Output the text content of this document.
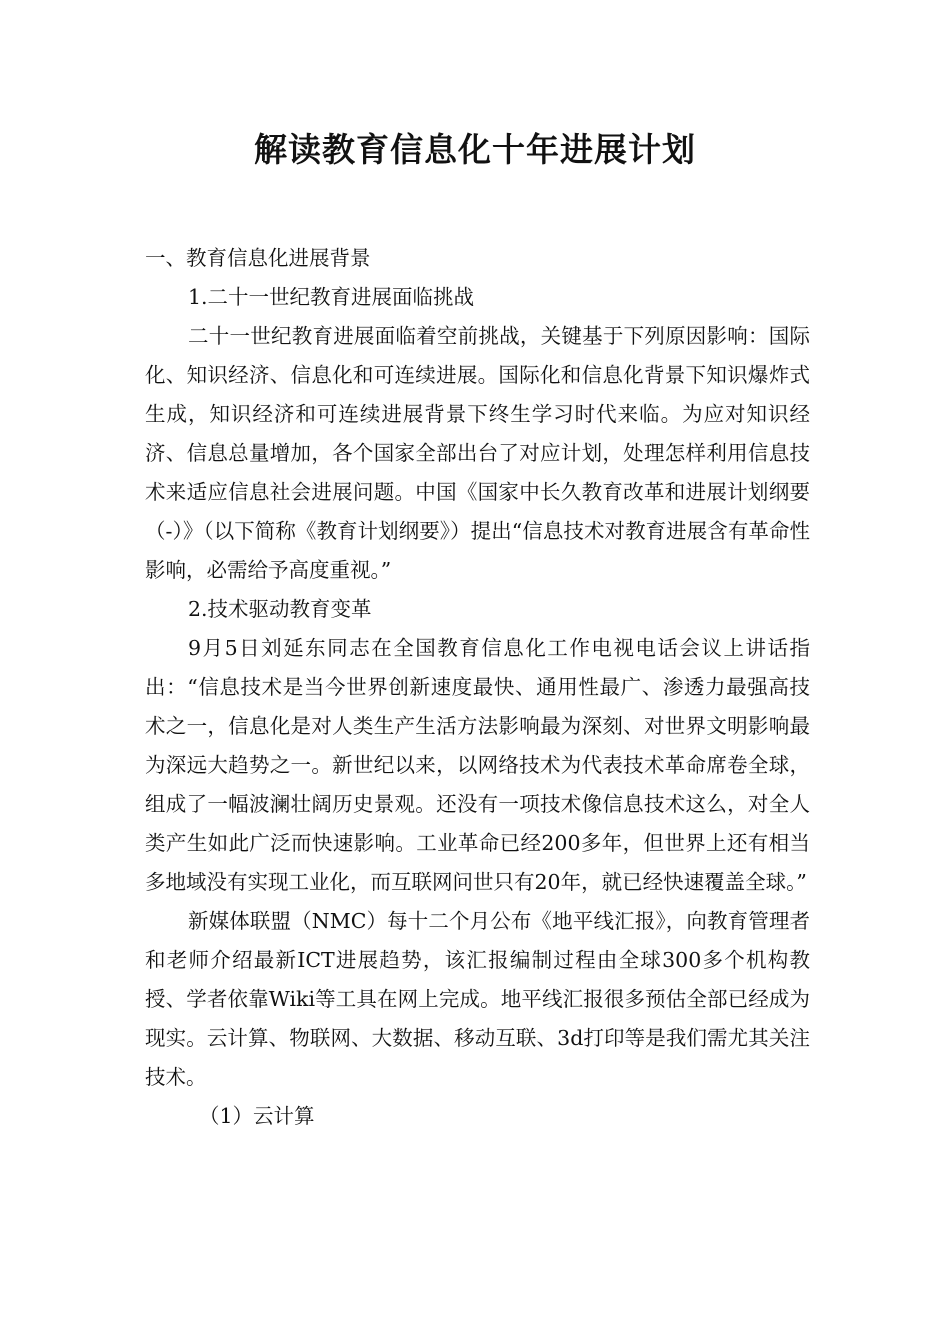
解读教育信息化十年进展计划

一、教育信息化进展背景

1.二十一世纪教育进展面临挑战

二十一世纪教育进展面临着空前挑战，关键基于下列原因影响：国际化、知识经济、信息化和可连续进展。国际化和信息化背景下知识爆炸式生成，知识经济和可连续进展背景下终生学习时代来临。为应对知识经济、信息总量增加，各个国家全部出台了对应计划，处理怎样利用信息技术来适应信息社会进展问题。中国《国家中长久教育改革和进展计划纲要（-）》（以下简称《教育计划纲要》）提出“信息技术对教育进展含有革命性影响，必需给予高度重视。”

2.技术驱动教育变革

9月5日刘延东同志在全国教育信息化工作电视电话会议上讲话指出：“信息技术是当今世界创新速度最快、通用性最广、渗透力最强高技术之一，信息化是对人类生产生活方法影响最为深刻、对世界文明影响最为深远大趋势之一。新世纪以来，以网络技术为代表技术革命席卷全球，组成了一幅波澜壮阔历史景观。还没有一项技术像信息技术这么，对全人类产生如此广泛而快速影响。工业革命已经200多年，但世界上还有相当多地域没有实现工业化，而互联网问世只有20年，就已经快速覆盖全球。”

新媒体联盟（NMC）每十二个月公布《地平线汇报》，向教育管理者和老师介绍最新ICT进展趋势，该汇报编制过程由全球300多个机构教授、学者依靠Wiki等工具在网上完成。地平线汇报很多预估全部已经成为现实。云计算、物联网、大数据、移动互联、3d打印等是我们需尤其关注技术。

（1）云计算
